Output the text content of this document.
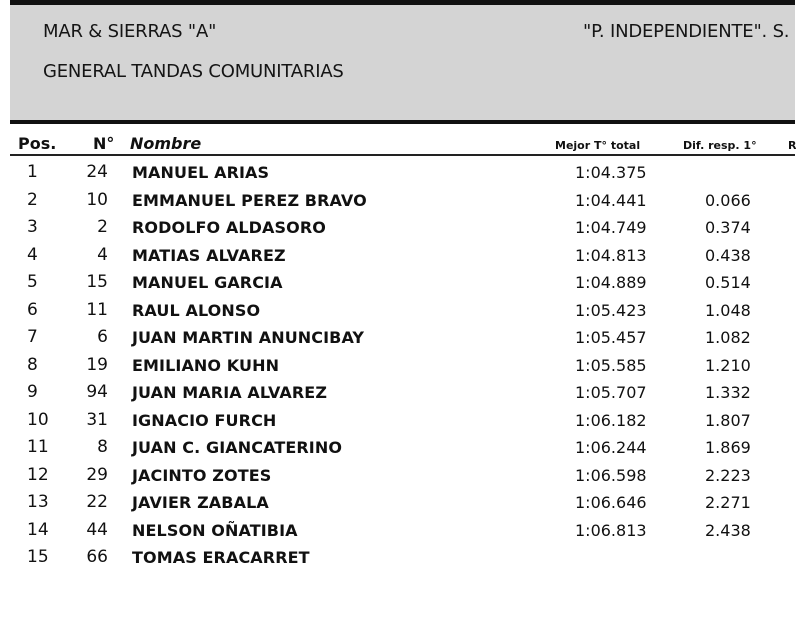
MAR & SIERRAS "A"	"P. INDEPENDIENTE". S.
GENERAL TANDAS COMUNITARIAS
Pos. N° Nombre	Mejor T° total	Dif. resp. 1°	R
1	24 MANUEL ARIAS	1:04.375
2	10 EMMANUEL PEREZ BRAVO	1:04.441	0.066
3	2 RODOLFO ALDASORO	1:04.749	0.374
4	4 MATIAS ALVAREZ	1:04.813	0.438
5	15 MANUEL GARCIA	1:04.889	0.514
6	11 RAUL ALONSO	1:05.423	1.048
7	6 JUAN MARTIN ANUNCIBAY	1:05.457	1.082
8	19 EMILIANO KUHN	1:05.585	1.210
9	94 JUAN MARIA ALVAREZ	1:05.707	1.332
10	31 IGNACIO FURCH	1:06.182	1.807
11	8 JUAN C. GIANCATERINO	1:06.244	1.869
12	29 JACINTO ZOTES	1:06.598	2.223
13	22 JAVIER ZABALA	1:06.646	2.271
14	44 NELSON OÑATIBIA	1:06.813	2.438
15	66 TOMAS ERACARRET
